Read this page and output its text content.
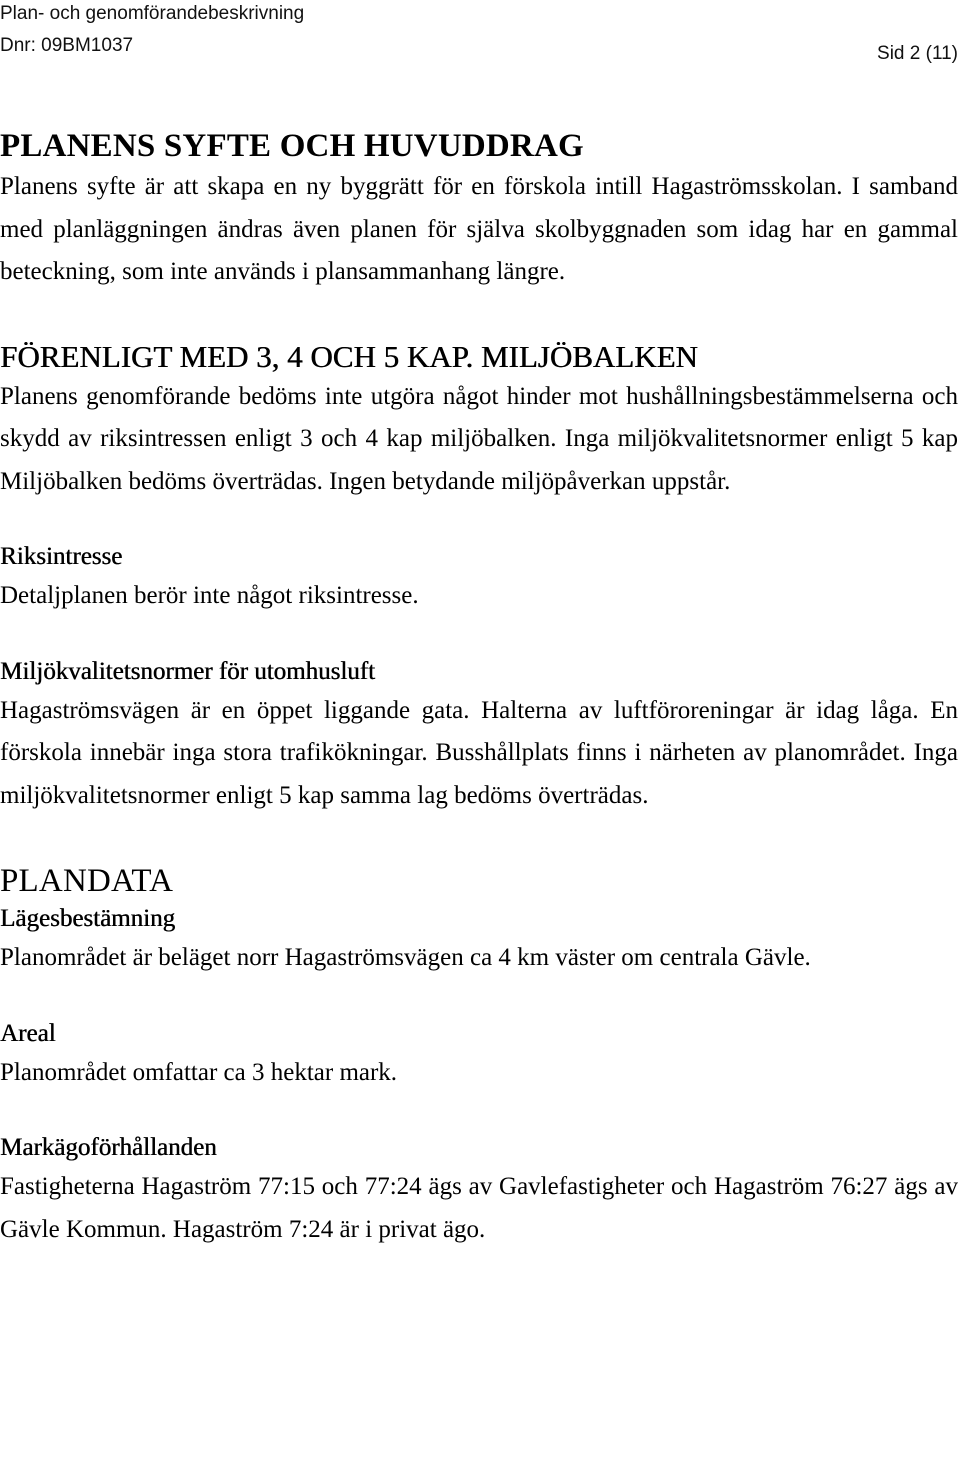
Plan- och genomförandebeskrivning
Dnr: 09BM1037	Sid 2 (11)
PLANENS SYFTE OCH HUVUDDRAG

Planens syfte är att skapa en ny byggrätt för en förskola intill Hagaströmsskolan. I samband med planläggningen ändras även planen för själva skolbyggnaden som idag har en gammal beteckning, som inte används i plansammanhang längre.

FÖRENLIGT MED 3, 4 OCH 5 KAP. MILJÖBALKEN

Planens genomförande bedöms inte utgöra något hinder mot hushållningsbestämmelserna och skydd av riksintressen enligt 3 och 4 kap miljöbalken. Inga miljökvalitetsnormer enligt 5 kap Miljöbalken bedöms överträdas. Ingen betydande miljöpåverkan uppstår.

Riksintresse

Detaljplanen berör inte något riksintresse.

Miljökvalitetsnormer för utomhusluft

Hagaströmsvägen är en öppet liggande gata. Halterna av luftföroreningar är idag låga. En förskola innebär inga stora trafikökningar. Busshållplats finns i närheten av planområdet. Inga miljökvalitetsnormer enligt 5 kap samma lag bedöms överträdas.

PLANDATA
Lägesbestämning

Planområdet är beläget norr Hagaströmsvägen ca 4 km väster om centrala Gävle.

Areal

Planområdet omfattar ca 3 hektar mark.

Markägoförhållanden

Fastigheterna Hagaström 77:15 och 77:24 ägs av Gavlefastigheter och Hagaström 76:27 ägs av Gävle Kommun. Hagaström 7:24 är i privat ägo.
